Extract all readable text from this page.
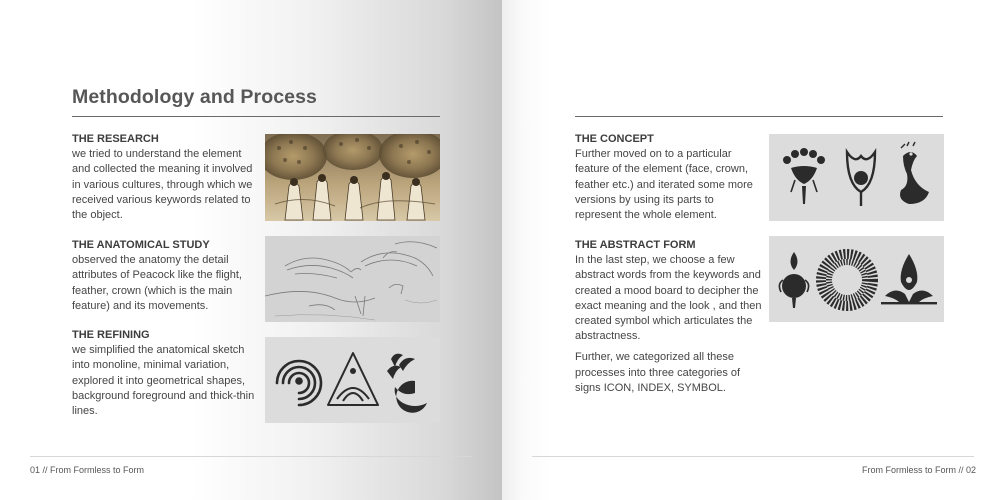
Methodology and Process
THE RESEARCH

we tried to understand the element and collected the meaning it involved in various cultures, through which we received various keywords related to the object.

THE ANATOMICAL STUDY

observed the anatomy the detail attributes of Peacock like the flight, feather, crown (which is the main feature) and its movements.

THE REFINING

we simplified the anatomical sketch into monoline, minimal variation, explored it into geometrical shapes, background foreground and thick-thin lines.

01 // From Formless to Form
THE CONCEPT

Further moved on to a particular feature of the element (face, crown, feather etc.) and iterated some more versions by using its parts to represent the whole element.

THE ABSTRACT FORM

In the last step, we choose a few abstract words from the keywords and created a mood board to decipher the exact meaning and the look , and then created symbol which articulates the abstractness.

Further, we categorized all these processes into three categories of signs ICON, INDEX, SYMBOL.

From Formless to Form // 02
